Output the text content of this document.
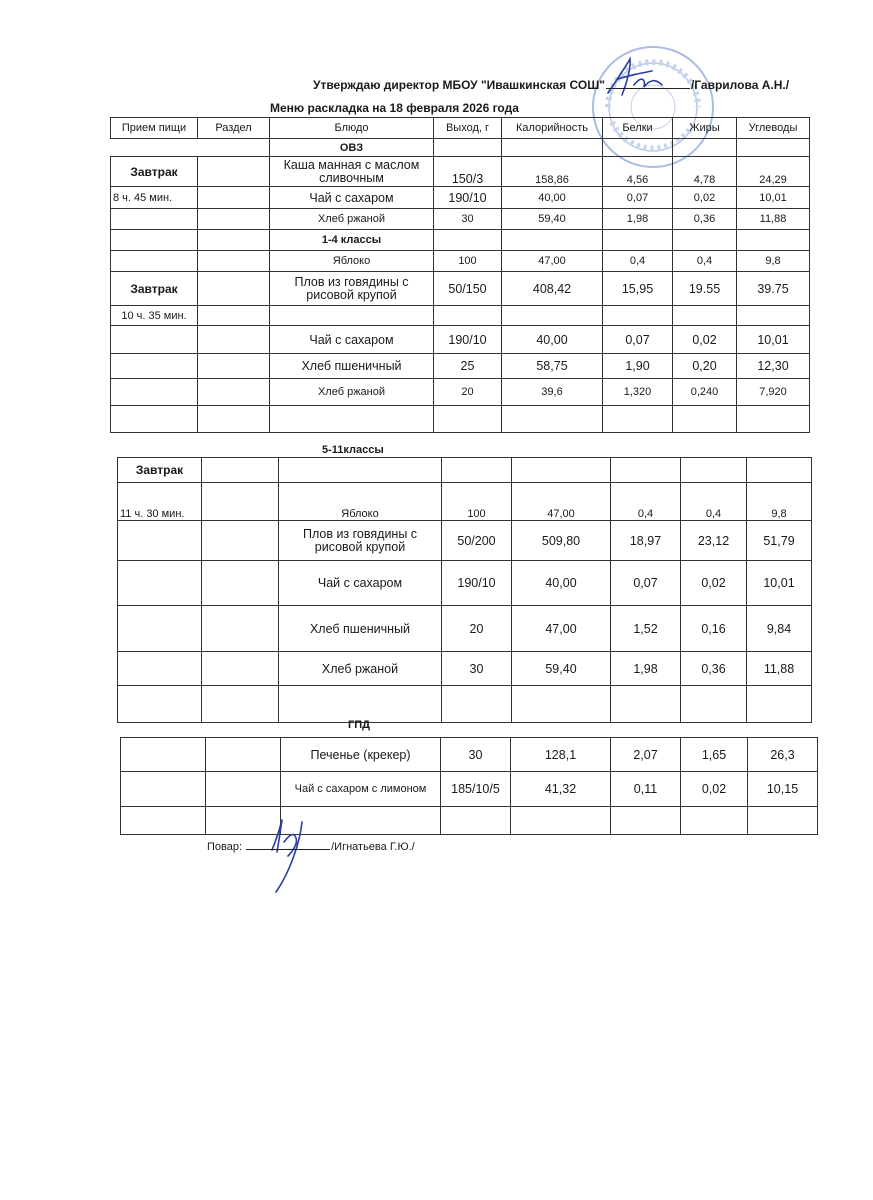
Утверждаю директор МБОУ "Ивашкинская СОШ"	/Гаврилова А.Н./
Меню раскладка на 18 февраля 2026 года
Прием пищи	Раздел	Блюдо	Выход, г	Калорийность	Белки	Жиры	Углеводы
		ОВЗ					
Завтрак		Каша манная с маслом сливочным	150/3	158,86	4,56	4,78	24,29
8 ч. 45 мин.		Чай с сахаром	190/10	40,00	0,07	0,02	10,01
		Хлеб ржаной	30	59,40	1,98	0,36	11,88
		1-4 классы					
		Яблоко	100	47,00	0,4	0,4	9,8
Завтрак		Плов из говядины с рисовой крупой	50/150	408,42	15,95	19.55	39.75
10 ч. 35 мин.							
		Чай с сахаром	190/10	40,00	0,07	0,02	10,01
		Хлеб пшеничный	25	58,75	1,90	0,20	12,30
		Хлеб ржаной	20	39,6	1,320	0,240	7,920

5-11классы
Завтрак							
11 ч. 30 мин.		Яблоко	100	47,00	0,4	0,4	9,8
		Плов из говядины с рисовой крупой	50/200	509,80	18,97	23,12	51,79
		Чай с сахаром	190/10	40,00	0,07	0,02	10,01
		Хлеб пшеничный	20	47,00	1,52	0,16	9,84
		Хлеб ржаной	30	59,40	1,98	0,36	11,88

ГПД
		Печенье (крекер)	30	128,1	2,07	1,65	26,3
		Чай с сахаром с лимоном	185/10/5	41,32	0,11	0,02	10,15

Повар:	/Игнатьева Г.Ю./
